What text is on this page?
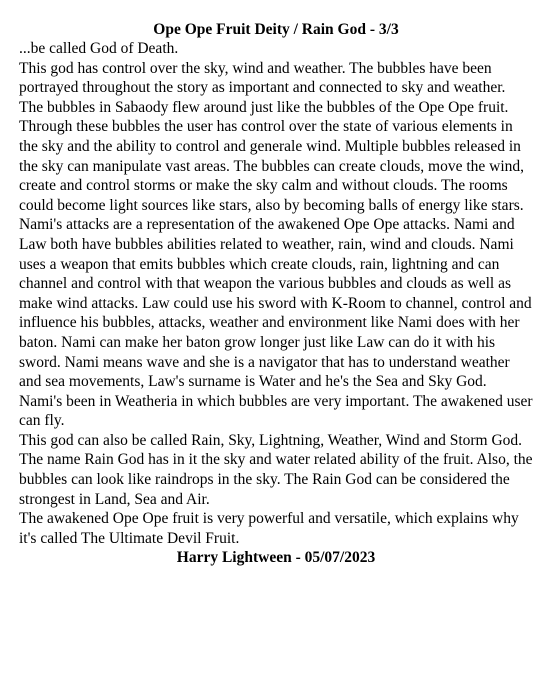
Ope Ope Fruit Deity / Rain God - 3/3

...be called God of Death.

This god has control over the sky, wind and weather. The bubbles have been portrayed throughout the story as important and connected to sky and weather. The bubbles in Sabaody flew around just like the bubbles of the Ope Ope fruit. Through these bubbles the user has control over the state of various elements in the sky and the ability to control and generale wind. Multiple bubbles released in the sky can manipulate vast areas. The bubbles can create clouds, move the wind, create and control storms or make the sky calm and without clouds. The rooms could become light sources like stars, also by becoming balls of energy like stars.

Nami's attacks are a representation of the awakened Ope Ope attacks. Nami and Law both have bubbles abilities related to weather, rain, wind and clouds. Nami uses a weapon that emits bubbles which create clouds, rain, lightning and can channel and control with that weapon the various bubbles and clouds as well as make wind attacks. Law could use his sword with K-Room to channel, control and influence his bubbles, attacks, weather and environment like Nami does with her baton. Nami can make her baton grow longer just like Law can do it with his sword. Nami means wave and she is a navigator that has to understand weather and sea movements, Law's surname is Water and he's the Sea and Sky God. Nami's been in Weatheria in which bubbles are very important. The awakened user can fly.

This god can also be called Rain, Sky, Lightning, Weather, Wind and Storm God. The name Rain God has in it the sky and water related ability of the fruit. Also, the bubbles can look like raindrops in the sky. The Rain God can be considered the strongest in Land, Sea and Air.

The awakened Ope Ope fruit is very powerful and versatile, which explains why it's called The Ultimate Devil Fruit.

Harry Lightween - 05/07/2023
